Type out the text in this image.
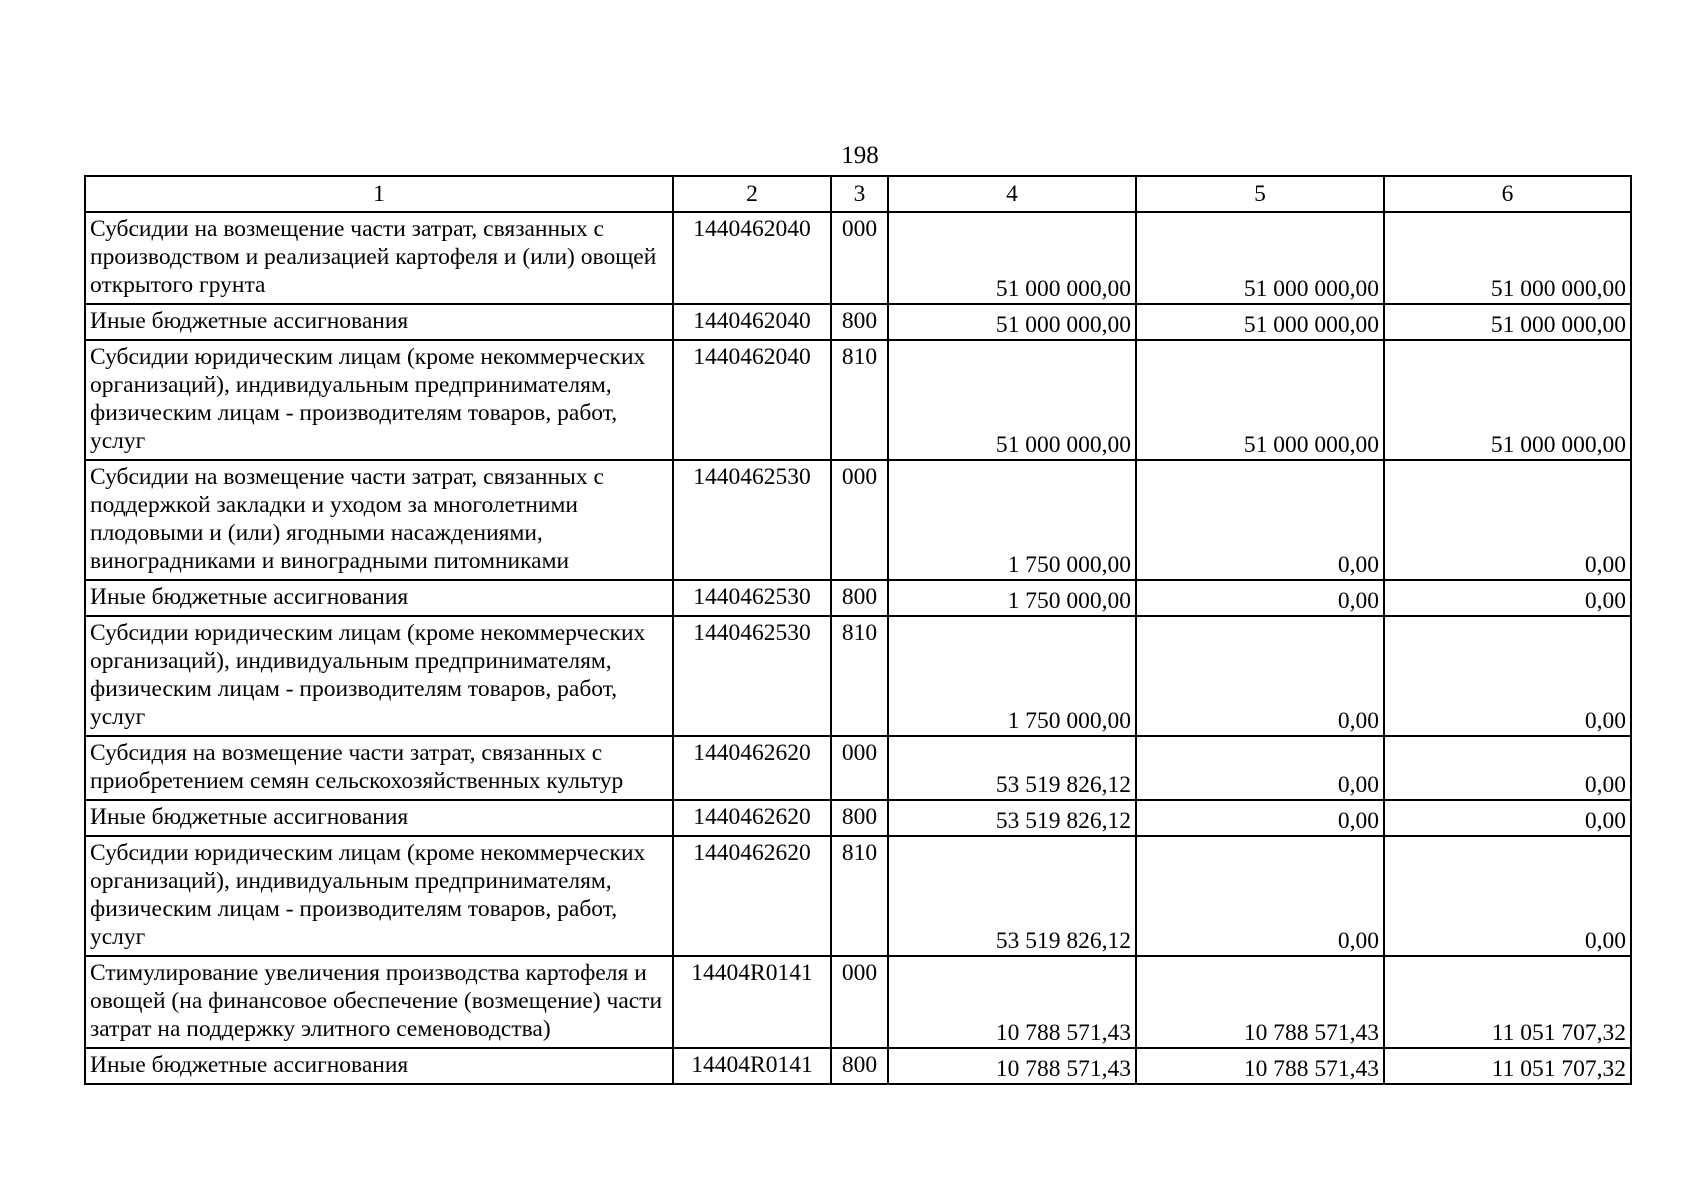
198
1	2	3	4	5	6
Субсидии на возмещение части затрат, связанных с производством и реализацией картофеля и (или) овощей открытого грунта	1440462040	000	51 000 000,00	51 000 000,00	51 000 000,00
Иные бюджетные ассигнования	1440462040	800	51 000 000,00	51 000 000,00	51 000 000,00
Субсидии юридическим лицам (кроме некоммерческих организаций), индивидуальным предпринимателям, физическим лицам - производителям товаров, работ, услуг	1440462040	810	51 000 000,00	51 000 000,00	51 000 000,00
Субсидии на возмещение части затрат, связанных с поддержкой закладки и уходом за многолетними плодовыми и (или) ягодными насаждениями, виноградниками и виноградными питомниками	1440462530	000	1 750 000,00	0,00	0,00
Иные бюджетные ассигнования	1440462530	800	1 750 000,00	0,00	0,00
Субсидии юридическим лицам (кроме некоммерческих организаций), индивидуальным предпринимателям, физическим лицам - производителям товаров, работ, услуг	1440462530	810	1 750 000,00	0,00	0,00
Субсидия на возмещение части затрат, связанных с приобретением семян сельскохозяйственных культур	1440462620	000	53 519 826,12	0,00	0,00
Иные бюджетные ассигнования	1440462620	800	53 519 826,12	0,00	0,00
Субсидии юридическим лицам (кроме некоммерческих организаций), индивидуальным предпринимателям, физическим лицам - производителям товаров, работ, услуг	1440462620	810	53 519 826,12	0,00	0,00
Стимулирование увеличения производства картофеля и овощей (на финансовое обеспечение (возмещение) части затрат на поддержку элитного семеноводства)	14404R0141	000	10 788 571,43	10 788 571,43	11 051 707,32
Иные бюджетные ассигнования	14404R0141	800	10 788 571,43	10 788 571,43	11 051 707,32
